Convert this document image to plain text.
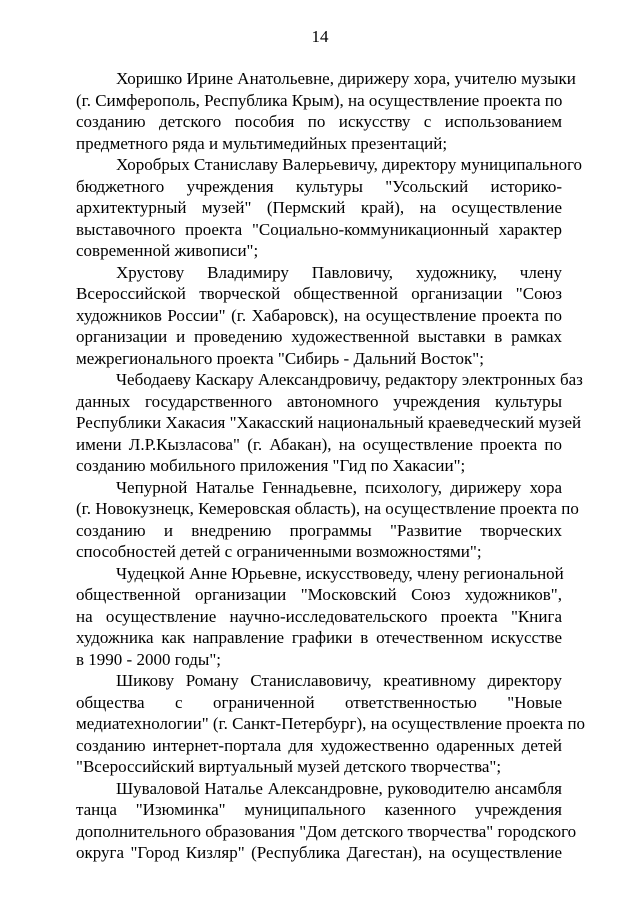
14

Хоришко Ирине Анатольевне, дирижеру хора, учителю музыки
(г. Симферополь, Республика Крым), на осуществление проекта по
созданию детского пособия по искусству с использованием
предметного ряда и мультимедийных презентаций;

Хоробрых Станиславу Валерьевичу, директору муниципального
бюджетного учреждения культуры "Усольский историко-
архитектурный музей" (Пермский край), на осуществление
выставочного проекта "Социально-коммуникационный характер
современной живописи";

Хрустову Владимиру Павловичу, художнику, члену
Всероссийской творческой общественной организации "Союз
художников России" (г. Хабаровск), на осуществление проекта по
организации и проведению художественной выставки в рамках
межрегионального проекта "Сибирь - Дальний Восток";

Чебодаеву Каскару Александровичу, редактору электронных баз
данных государственного автономного учреждения культуры
Республики Хакасия "Хакасский национальный краеведческий музей
имени Л.Р.Кызласова" (г. Абакан), на осуществление проекта по
созданию мобильного приложения "Гид по Хакасии";

Чепурной Наталье Геннадьевне, психологу, дирижеру хора
(г. Новокузнецк, Кемеровская область), на осуществление проекта по
созданию и внедрению программы "Развитие творческих
способностей детей с ограниченными возможностями";

Чудецкой Анне Юрьевне, искусствоведу, члену региональной
общественной организации "Московский Союз художников",
на осуществление научно-исследовательского проекта "Книга
художника как направление графики в отечественном искусстве
в 1990 - 2000 годы";

Шикову Роману Станиславовичу, креативному директору
общества с ограниченной ответственностью "Новые
медиатехнологии" (г. Санкт-Петербург), на осуществление проекта по
созданию интернет-портала для художественно одаренных детей
"Всероссийский виртуальный музей детского творчества";

Шуваловой Наталье Александровне, руководителю ансамбля
танца "Изюминка" муниципального казенного учреждения
дополнительного образования "Дом детского творчества" городского
округа "Город Кизляр" (Республика Дагестан), на осуществление
